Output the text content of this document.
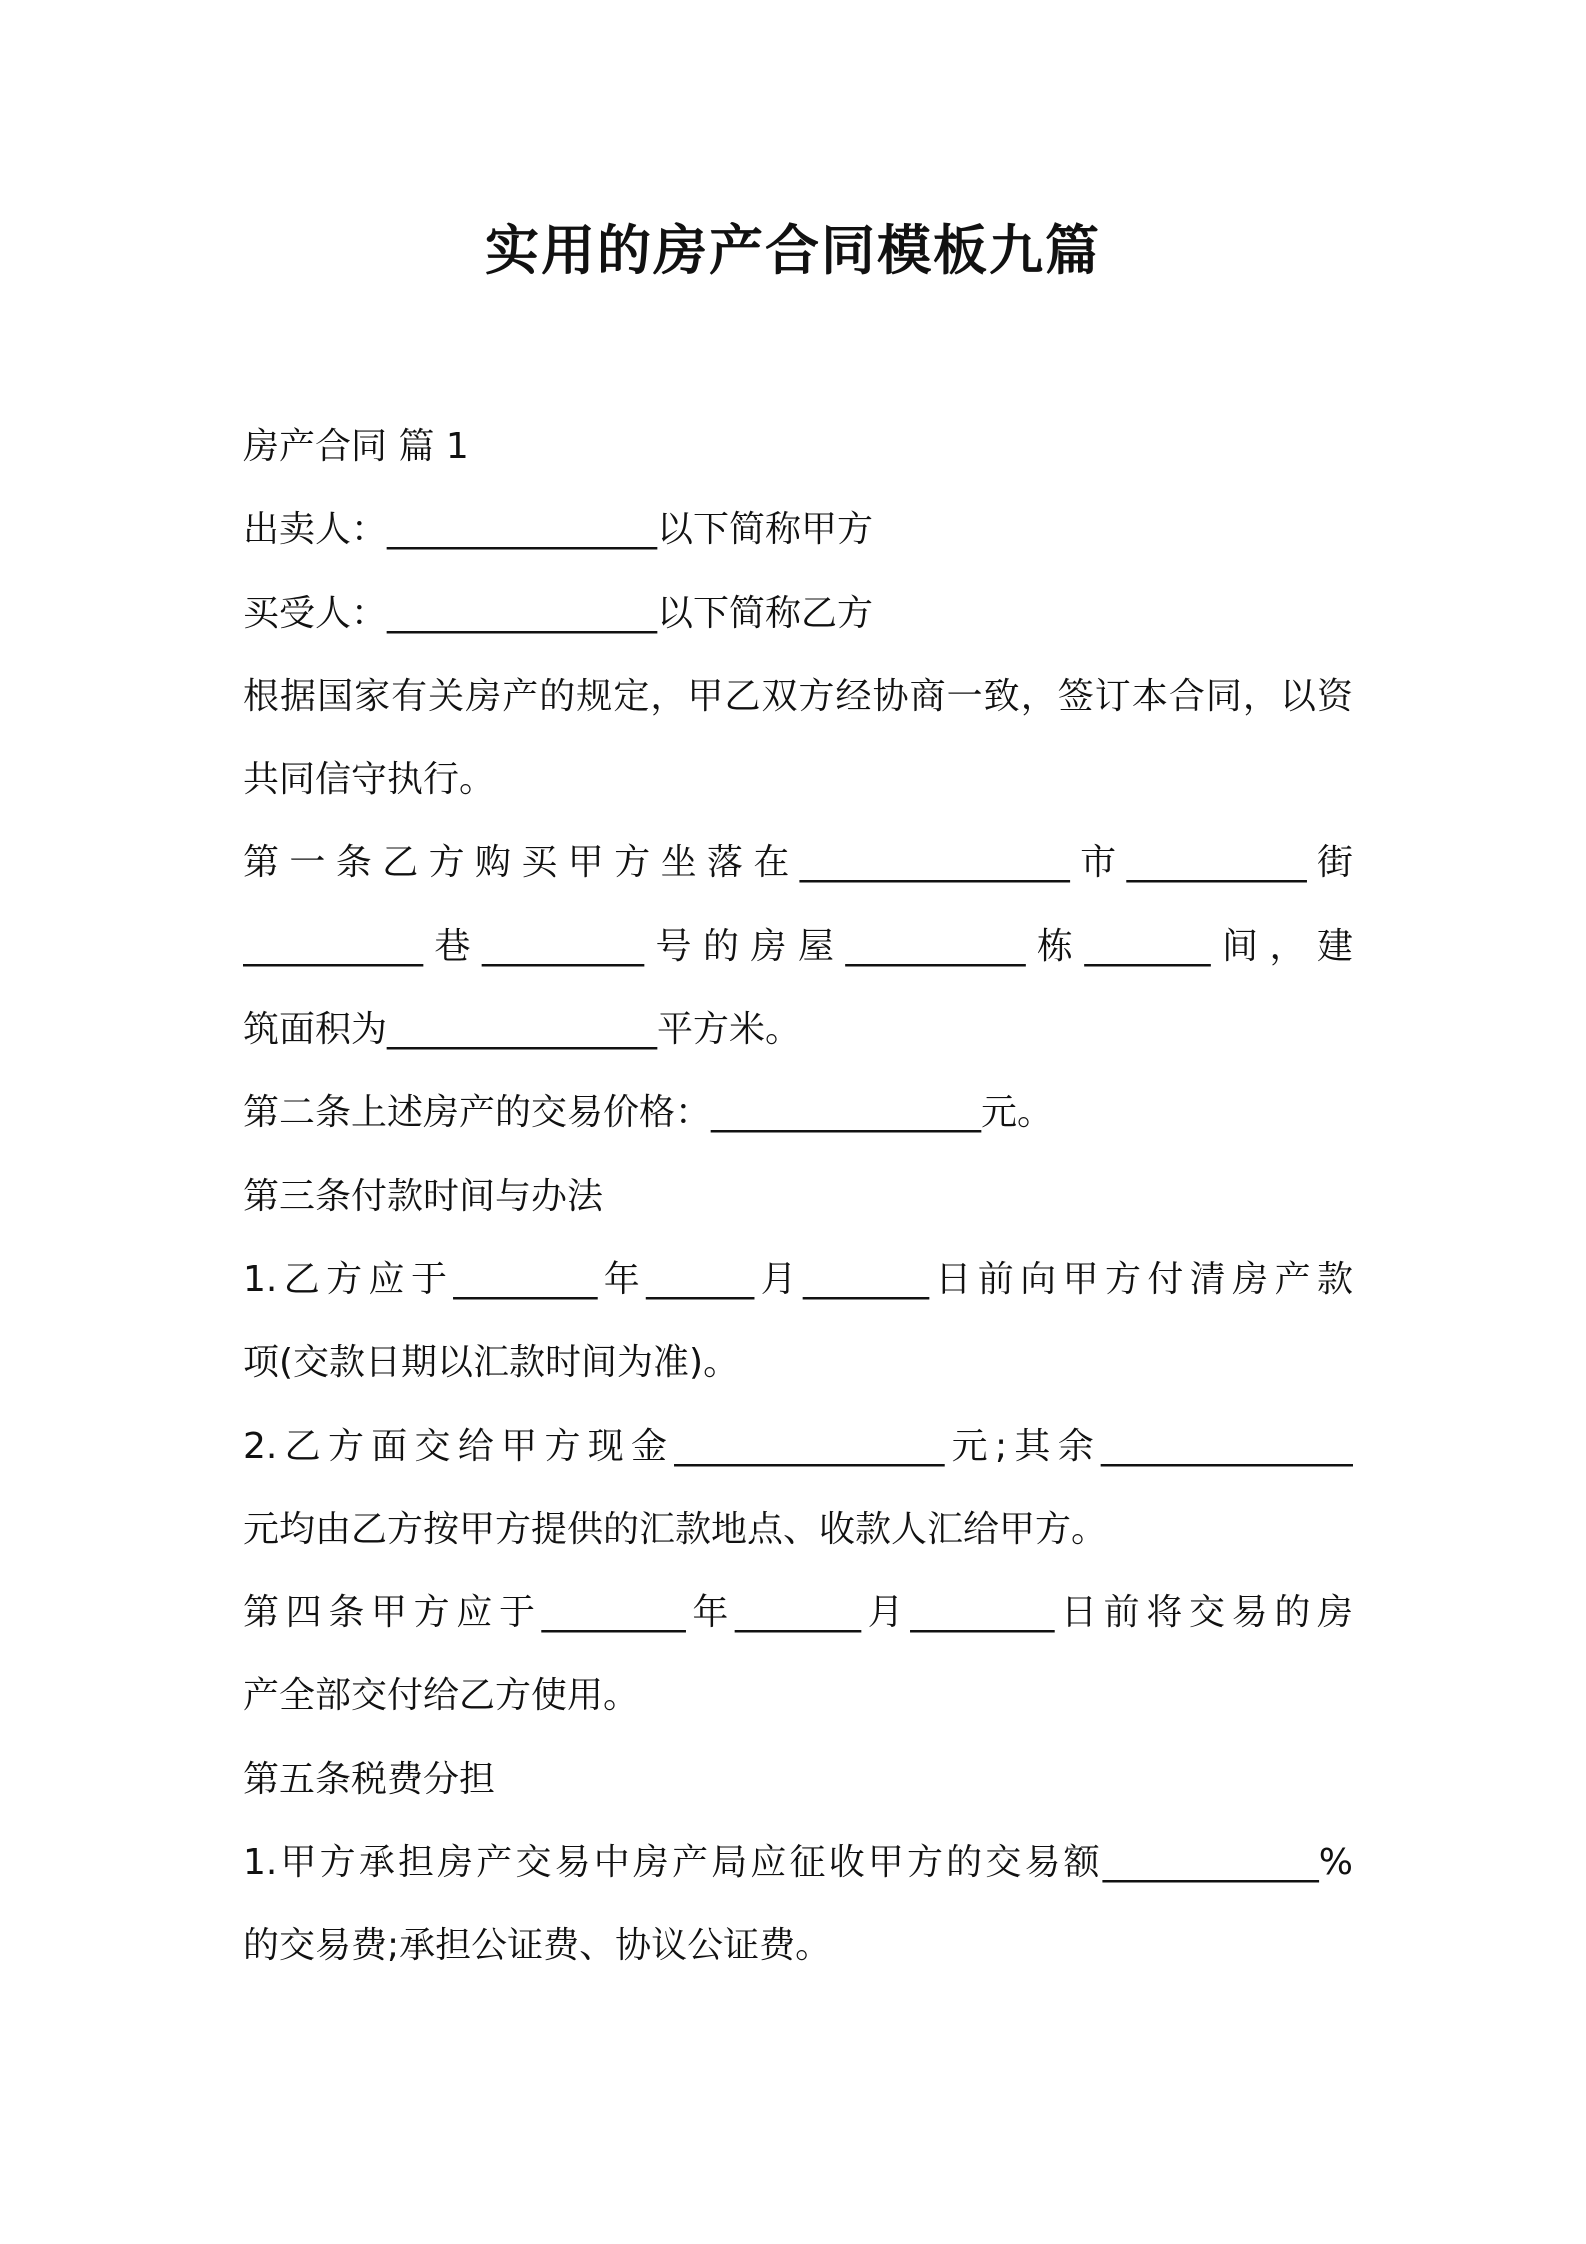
实用的房产合同模板九篇
房产合同 篇 1
出卖人：_______________以下简称甲方
买受人：_______________以下简称乙方
根据国家有关房产的规定，甲乙双方经协商一致，签订本合同，以资
共同信守执行。
第一条乙方购买甲方坐落在_______________市__________街
__________巷_________号的房屋__________栋_______间，建
筑面积为_______________平方米。
第二条上述房产的交易价格：_______________元。
第三条付款时间与办法
1.乙方应于________年______月_______日前向甲方付清房产款
项(交款日期以汇款时间为准)。
2.乙方面交给甲方现金_______________元;其余______________
元均由乙方按甲方提供的汇款地点、收款人汇给甲方。
第四条甲方应于________年_______月________日前将交易的房
产全部交付给乙方使用。
第五条税费分担
1.甲方承担房产交易中房产局应征收甲方的交易额____________%
的交易费;承担公证费、协议公证费。
